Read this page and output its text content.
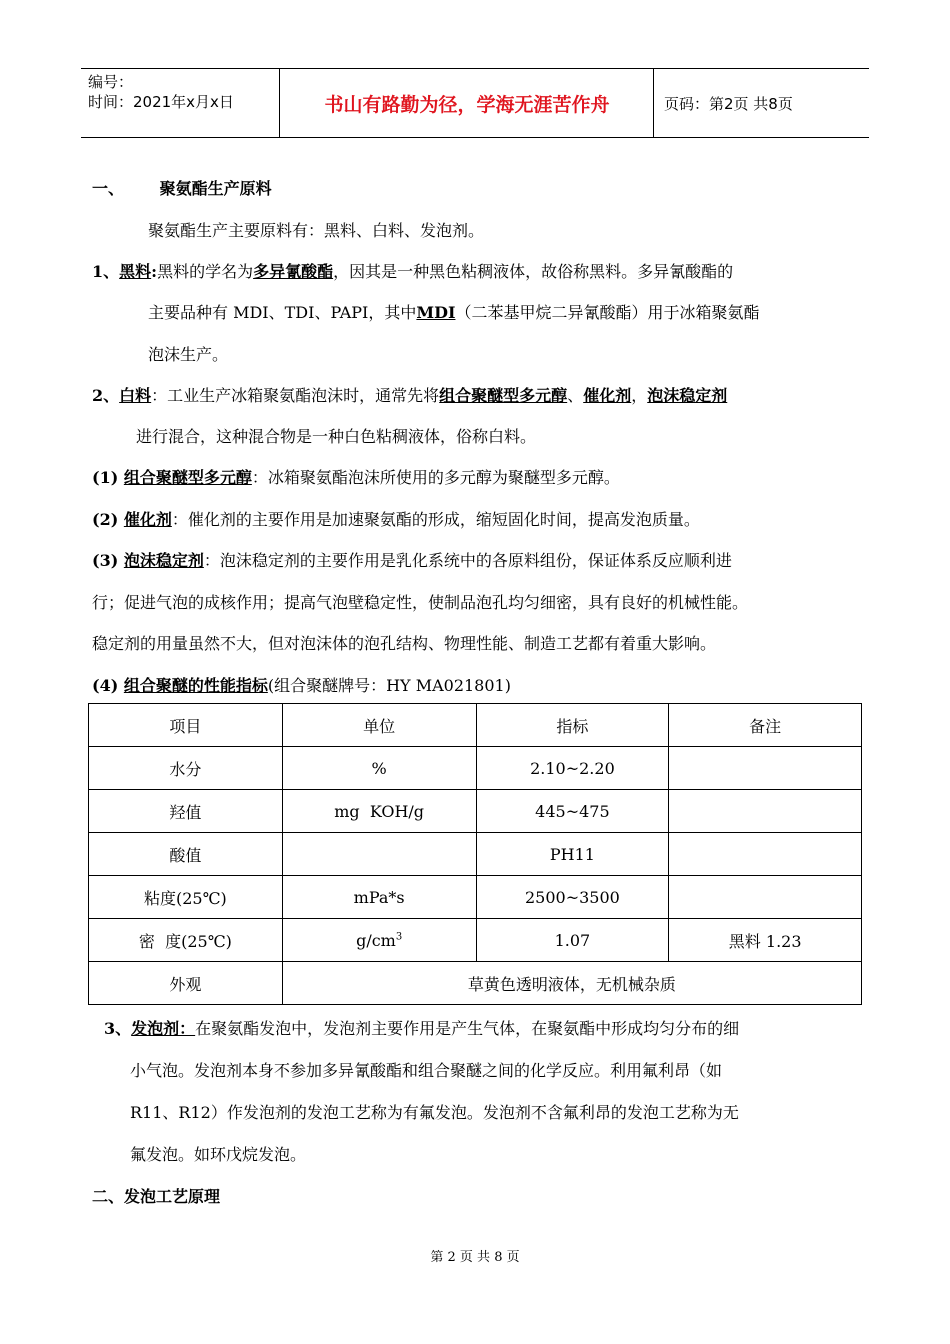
编号：
时间：2021年x月x日	书山有路勤为径，学海无涯苦作舟	页码：第2页 共8页
一、 聚氨酯生产原料
聚氨酯生产主要原料有：黑料、白料、发泡剂。
1、黑料:黑料的学名为多异氰酸酯，因其是一种黑色粘稠液体，故俗称黑料。多异氰酸酯的
主要品种有 MDI、TDI、PAPI，其中MDI（二苯基甲烷二异氰酸酯）用于冰箱聚氨酯
泡沫生产。
2、白料：工业生产冰箱聚氨酯泡沫时，通常先将组合聚醚型多元醇、催化剂，泡沫稳定剂
进行混合，这种混合物是一种白色粘稠液体，俗称白料。
(1) 组合聚醚型多元醇：冰箱聚氨酯泡沫所使用的多元醇为聚醚型多元醇。
(2) 催化剂：催化剂的主要作用是加速聚氨酯的形成，缩短固化时间，提高发泡质量。
(3) 泡沫稳定剂：泡沫稳定剂的主要作用是乳化系统中的各原料组份，保证体系反应顺利进
行；促进气泡的成核作用；提高气泡壁稳定性，使制品泡孔均匀细密，具有良好的机械性能。
稳定剂的用量虽然不大，但对泡沫体的泡孔结构、物理性能、制造工艺都有着重大影响。
(4) 组合聚醚的性能指标(组合聚醚牌号：HY MA021801)
项目	单位	指标	备注
水分	%	2.10~2.20	
羟值	mg  KOH/g	445~475	
酸值		PH11	
粘度(25℃)	mPa*s	2500~3500	
密  度(25℃)	$g/cm^3$	1.07	黑料 1.23
外观	草黄色透明液体，无机械杂质		
3、发泡剂：在聚氨酯发泡中，发泡剂主要作用是产生气体，在聚氨酯中形成均匀分布的细
小气泡。发泡剂本身不参加多异氰酸酯和组合聚醚之间的化学反应。利用氟利昂（如
R11、R12）作发泡剂的发泡工艺称为有氟发泡。发泡剂不含氟利昂的发泡工艺称为无
氟发泡。如环戊烷发泡。
二、发泡工艺原理
第 2 页 共 8 页
